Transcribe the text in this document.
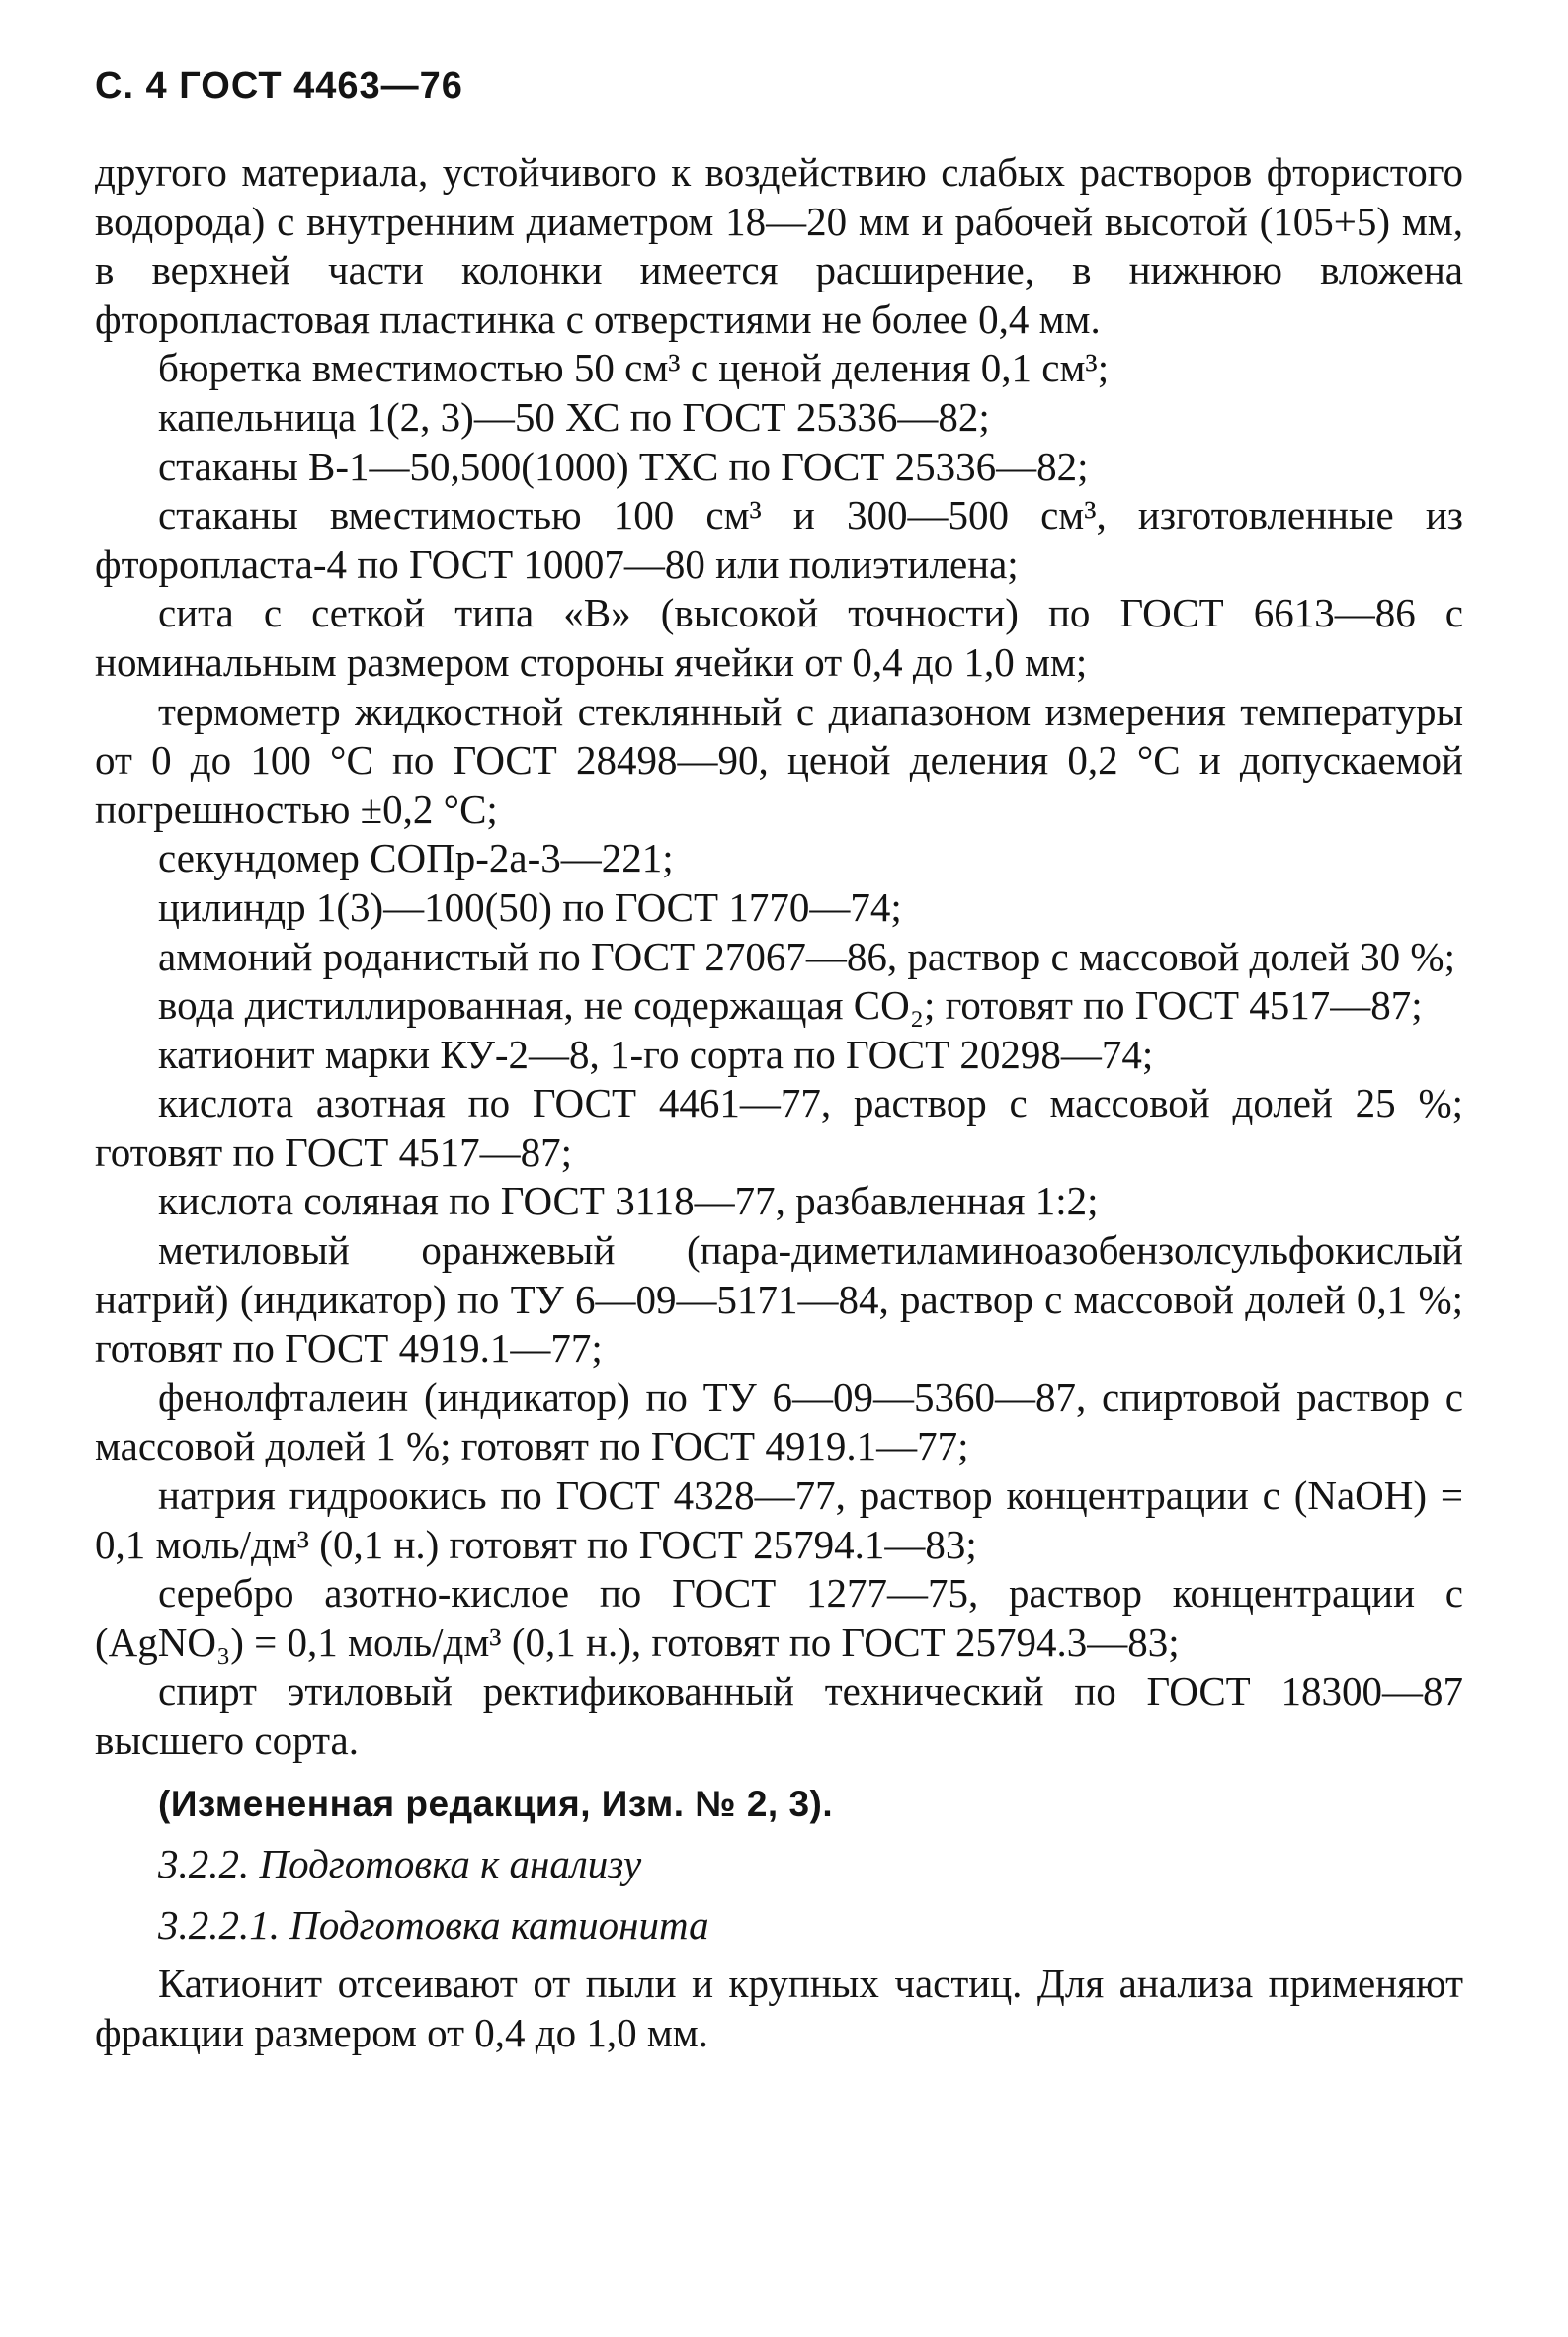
С. 4 ГОСТ 4463—76

другого материала, устойчивого к воздействию слабых растворов фтористого водорода) с внутренним диаметром 18—20 мм и рабочей высотой (105+5) мм, в верхней части колонки имеется расширение, в нижнюю вложена фторопластовая пластинка с отверстиями не более 0,4 мм.

бюретка вместимостью 50 см³ с ценой деления 0,1 см³;

капельница 1(2, 3)—50 ХС по ГОСТ 25336—82;

стаканы В-1—50,500(1000) ТХС по ГОСТ 25336—82;

стаканы вместимостью 100 см³ и 300—500 см³, изготовленные из фторопласта-4 по ГОСТ 10007—80 или полиэтилена;

сита с сеткой типа «В» (высокой точности) по ГОСТ 6613—86 с номинальным размером стороны ячейки от 0,4 до 1,0 мм;

термометр жидкостной стеклянный с диапазоном измерения температуры от 0 до 100 °С по ГОСТ 28498—90, ценой деления 0,2 °С и допускаемой погрешностью ±0,2 °С;

секундомер СОПр-2а-3—221;

цилиндр 1(3)—100(50) по ГОСТ 1770—74;

аммоний роданистый по ГОСТ 27067—86, раствор с массовой долей 30 %;

вода дистиллированная, не содержащая CO₂; готовят по ГОСТ 4517—87;

катионит марки КУ-2—8, 1-го сорта по ГОСТ 20298—74;

кислота азотная по ГОСТ 4461—77, раствор с массовой долей 25 %; готовят по ГОСТ 4517—87;

кислота соляная по ГОСТ 3118—77, разбавленная 1:2;

метиловый оранжевый (пара-диметиламиноазобензолсульфокислый натрий) (индикатор) по ТУ 6—09—5171—84, раствор с массовой долей 0,1 %; готовят по ГОСТ 4919.1—77;

фенолфталеин (индикатор) по ТУ 6—09—5360—87, спиртовой раствор с массовой долей 1 %; готовят по ГОСТ 4919.1—77;

натрия гидроокись по ГОСТ 4328—77, раствор концентрации c (NaOH) = 0,1 моль/дм³ (0,1 н.) готовят по ГОСТ 25794.1—83;

серебро азотно-кислое по ГОСТ 1277—75, раствор концентрации c (AgNO₃) = 0,1 моль/дм³ (0,1 н.), готовят по ГОСТ 25794.3—83;

спирт этиловый ректификованный технический по ГОСТ 18300—87 высшего сорта.

(Измененная редакция, Изм. № 2, 3).

3.2.2. Подготовка к анализу

3.2.2.1. Подготовка катионита

Катионит отсеивают от пыли и крупных частиц. Для анализа применяют фракции размером от 0,4 до 1,0 мм.
